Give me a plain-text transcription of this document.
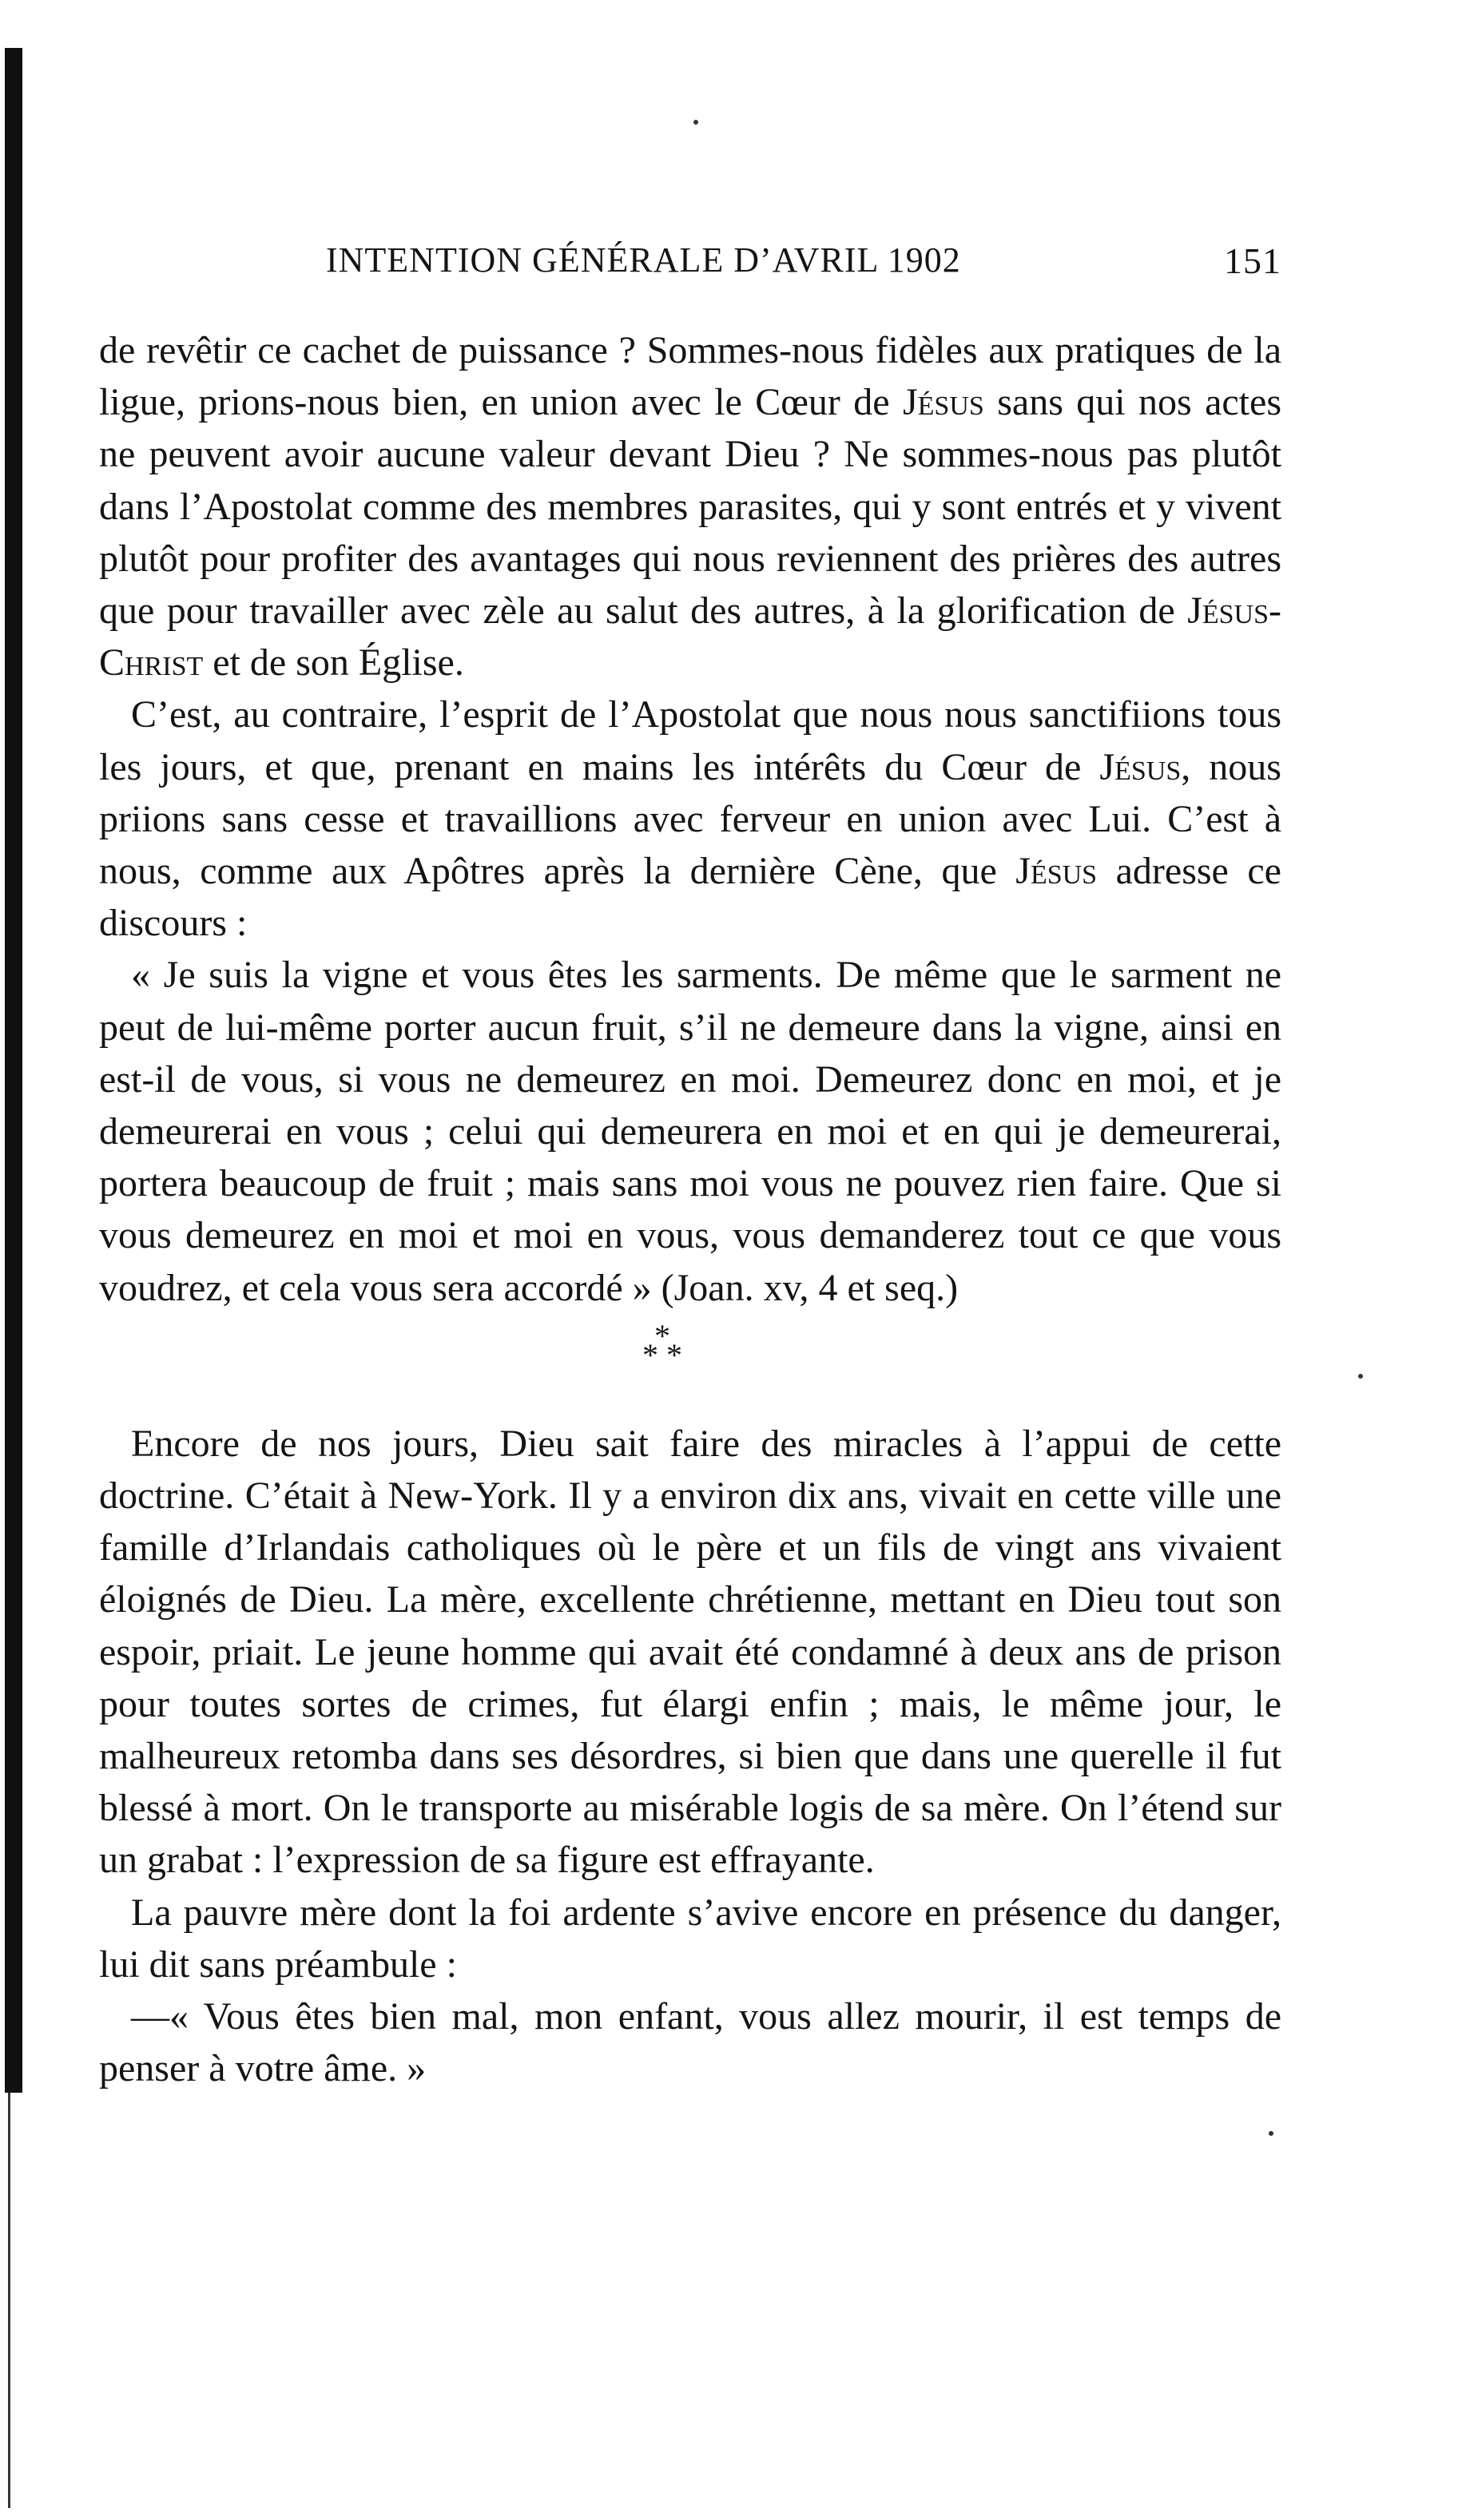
INTENTION GÉNÉRALE D’AVRIL 1902	151

de revêtir ce cachet de puissance ? Sommes-nous fidèles aux pratiques de la ligue, prions-nous bien, en union avec le Cœur de Jésus sans qui nos actes ne peuvent avoir aucune valeur devant Dieu ? Ne sommes-nous pas plutôt dans l’Apostolat comme des membres parasites, qui y sont entrés et y vivent plutôt pour profiter des avantages qui nous reviennent des prières des autres que pour travailler avec zèle au salut des autres, à la glorification de Jésus-Christ et de son Église.

C’est, au contraire, l’esprit de l’Apostolat que nous nous sanctifiions tous les jours, et que, prenant en mains les intérêts du Cœur de Jésus, nous priions sans cesse et travaillions avec ferveur en union avec Lui. C’est à nous, comme aux Apôtres après la dernière Cène, que Jésus adresse ce discours :

« Je suis la vigne et vous êtes les sarments. De même que le sarment ne peut de lui-même porter aucun fruit, s’il ne demeure dans la vigne, ainsi en est-il de vous, si vous ne demeurez en moi. Demeurez donc en moi, et je demeurerai en vous ; celui qui demeurera en moi et en qui je demeurerai, portera beaucoup de fruit ; mais sans moi vous ne pouvez rien faire. Que si vous demeurez en moi et moi en vous, vous demanderez tout ce que vous voudrez, et cela vous sera accordé » (Joan. xv, 4 et seq.)

*
* *

Encore de nos jours, Dieu sait faire des miracles à l’appui de cette doctrine. C’était à New-York. Il y a environ dix ans, vivait en cette ville une famille d’Irlandais catholiques où le père et un fils de vingt ans vivaient éloignés de Dieu. La mère, excellente chrétienne, mettant en Dieu tout son espoir, priait. Le jeune homme qui avait été condamné à deux ans de prison pour toutes sortes de crimes, fut élargi enfin ; mais, le même jour, le malheureux retomba dans ses désordres, si bien que dans une querelle il fut blessé à mort. On le transporte au misérable logis de sa mère. On l’étend sur un grabat : l’expression de sa figure est effrayante.

La pauvre mère dont la foi ardente s’avive encore en présence du danger, lui dit sans préambule :

—« Vous êtes bien mal, mon enfant, vous allez mourir, il est temps de penser à votre âme. »
